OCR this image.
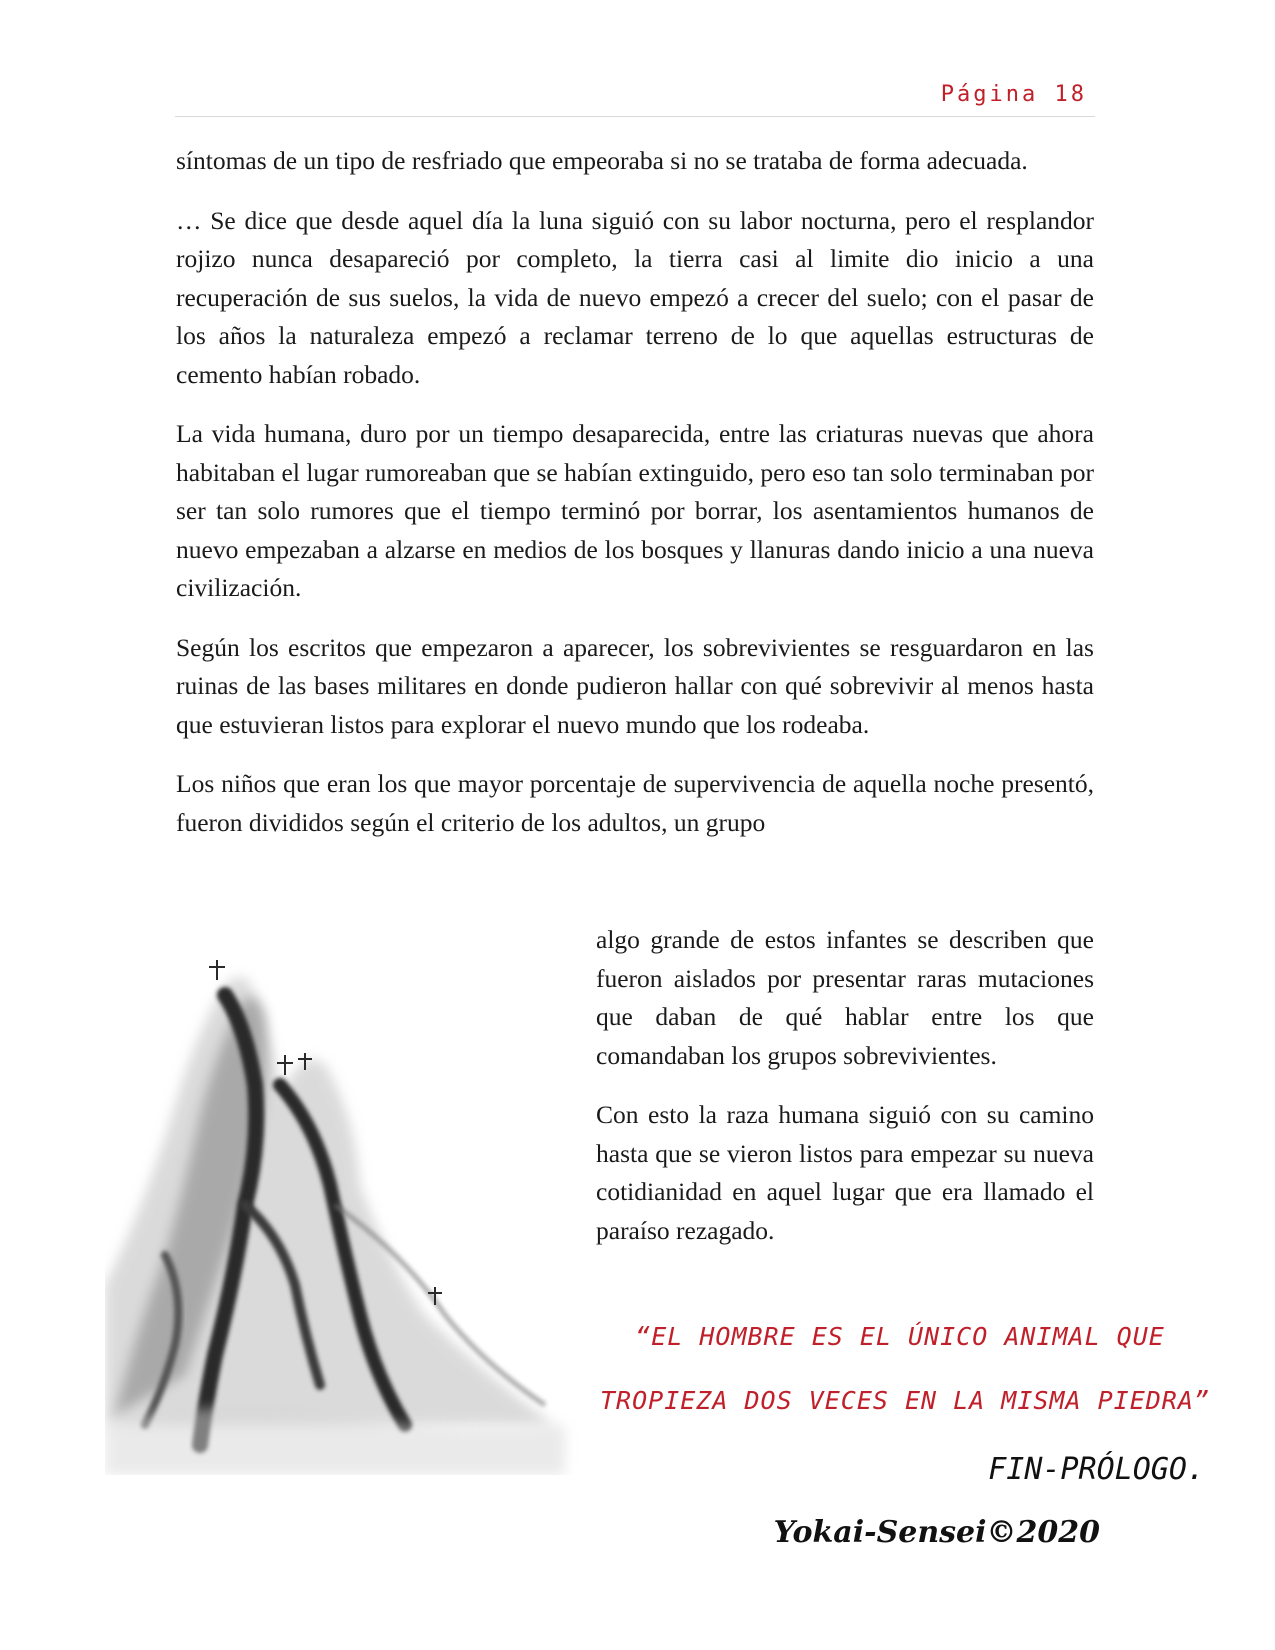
Página 18

síntomas de un tipo de resfriado que empeoraba si no se trataba de forma adecuada.

… Se dice que desde aquel día la luna siguió con su labor nocturna, pero el resplandor rojizo nunca desapareció por completo, la tierra casi al limite dio inicio a una recuperación de sus suelos, la vida de nuevo empezó a crecer del suelo; con el pasar de los años la naturaleza empezó a reclamar terreno de lo que aquellas estructuras de cemento habían robado.

La vida humana, duro por un tiempo desaparecida, entre las criaturas nuevas que ahora habitaban el lugar rumoreaban que se habían extinguido, pero eso tan solo terminaban por ser tan solo rumores que el tiempo terminó por borrar, los asentamientos humanos de nuevo empezaban a alzarse en medios de los bosques y llanuras dando inicio a una nueva civilización.

Según los escritos que empezaron a aparecer, los sobrevivientes se resguardaron en las ruinas de las bases militares en donde pudieron hallar con qué sobrevivir al menos hasta que estuvieran listos para explorar el nuevo mundo que los rodeaba.

Los niños que eran los que mayor porcentaje de supervivencia de aquella noche presentó, fueron divididos según el criterio de los adultos, un grupo

algo grande de estos infantes se describen que fueron aislados por presentar raras mutaciones que daban de qué hablar entre los que comandaban los grupos sobrevivientes.

Con esto la raza humana siguió con su camino hasta que se vieron listos para empezar su nueva cotidianidad en aquel lugar que era llamado el paraíso rezagado.

“EL HOMBRE ES EL ÚNICO ANIMAL QUE
TROPIEZA DOS VECES EN LA MISMA PIEDRA”
FIN-PRÓLOGO.
Yokai-Sensei©2020
